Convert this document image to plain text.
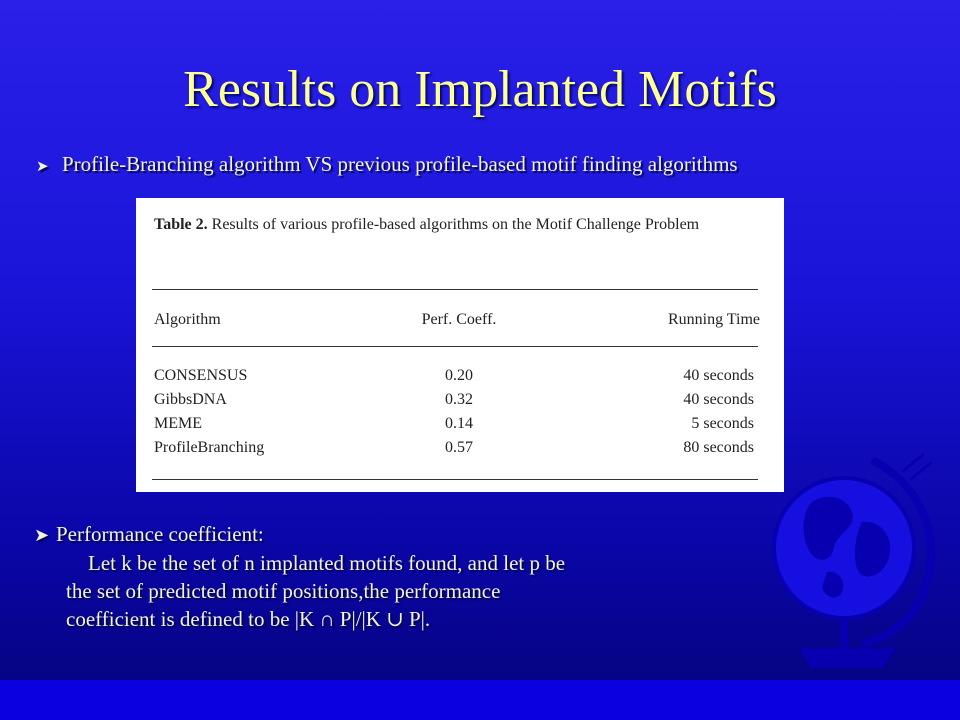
Results on Implanted Motifs
➤ Profile-Branching algorithm VS previous profile-based motif finding algorithms
Table 2. Results of various profile-based algorithms on the Motif Challenge Problem
Algorithm	Perf. Coeff.	Running Time
CONSENSUS	0.20	40 seconds
GibbsDNA	0.32	40 seconds
MEME	0.14	5 seconds
ProfileBranching	0.57	80 seconds
➤ Performance coefficient:
Let k be the set of n implanted motifs found, and let p be
the set of predicted motif positions,the performance
coefficient is defined to be |K ∩ P|/|K ∪ P|.
